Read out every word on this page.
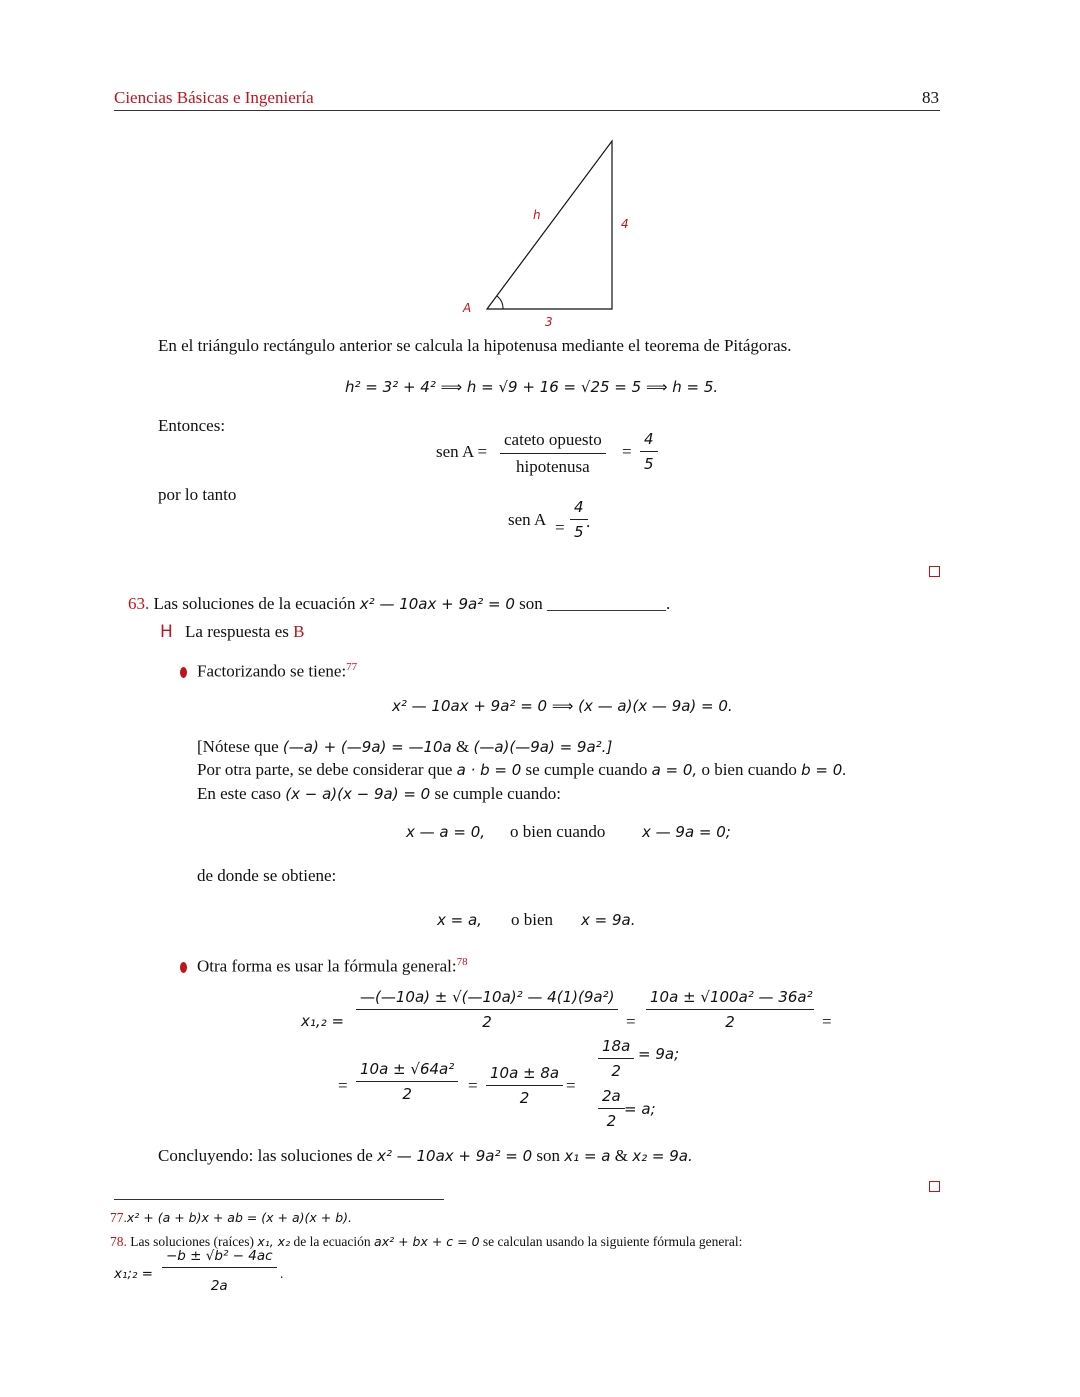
Ciencias Básicas e Ingeniería	83
h
4
A
3
En el triángulo rectángulo anterior se calcula la hipotenusa mediante el teorema de Pitágoras.
h² = 3² + 4² ⟹ h = √9 + 16 = √25 = 5 ⟹ h = 5.
Entonces:
sen A =
cateto opuesto
hipotenusa
= $\frac{4}{5}$
por lo tanto
sen $A = \frac{4}{5}$
.
63. Las soluciones de la ecuación x² — 10ax + 9a² = 0 son ______________.
H La respuesta es B
Factorizando se tiene:$^{77}$
x² — 10ax + 9a² = 0 ⟹ (x — a)(x — 9a) = 0.
[Nótese que (—a) + (—9a) = —10a & (—a)(—9a) = 9a².]
Por otra parte, se debe considerar que a · b = 0 se cumple cuando a = 0, o bien cuando b = 0.
En este caso (x − a)(x − 9a) = 0 se cumple cuando:
x — a = 0, o bien cuando x — 9a = 0;
de donde se obtiene:
x = a, o bien x = 9a.
Otra forma es usar la fórmula general:$^{78}$
$x_1,_2 = \frac{\text{—(—10a) ± √(—10a)² — 4(1)(9a²)}}{2} = \frac{\text{10a ± √100a² — 36a²}}{2}$ =
= $\frac{\text{10a ± √64a²}}{2} = \frac{10a \pm 8a}{2}$ =
$\frac{18a}{2} = 9a$;
$\frac{2a}{2} = a$;
Concluyendo: las soluciones de x² — 10ax + 9a² = 0 son x₁ = a & x₂ = 9a.
77.x² + (a + b)x + ab = (x + a)(x + b).
78. Las soluciones (raíces) x₁, x₂ de la ecuación ax² + bx + c = 0 se calculan usando la siguiente fórmula general:
x₁;₂ = $\frac{\text{−b ± √b² − 4ac}}{2a}$ .
